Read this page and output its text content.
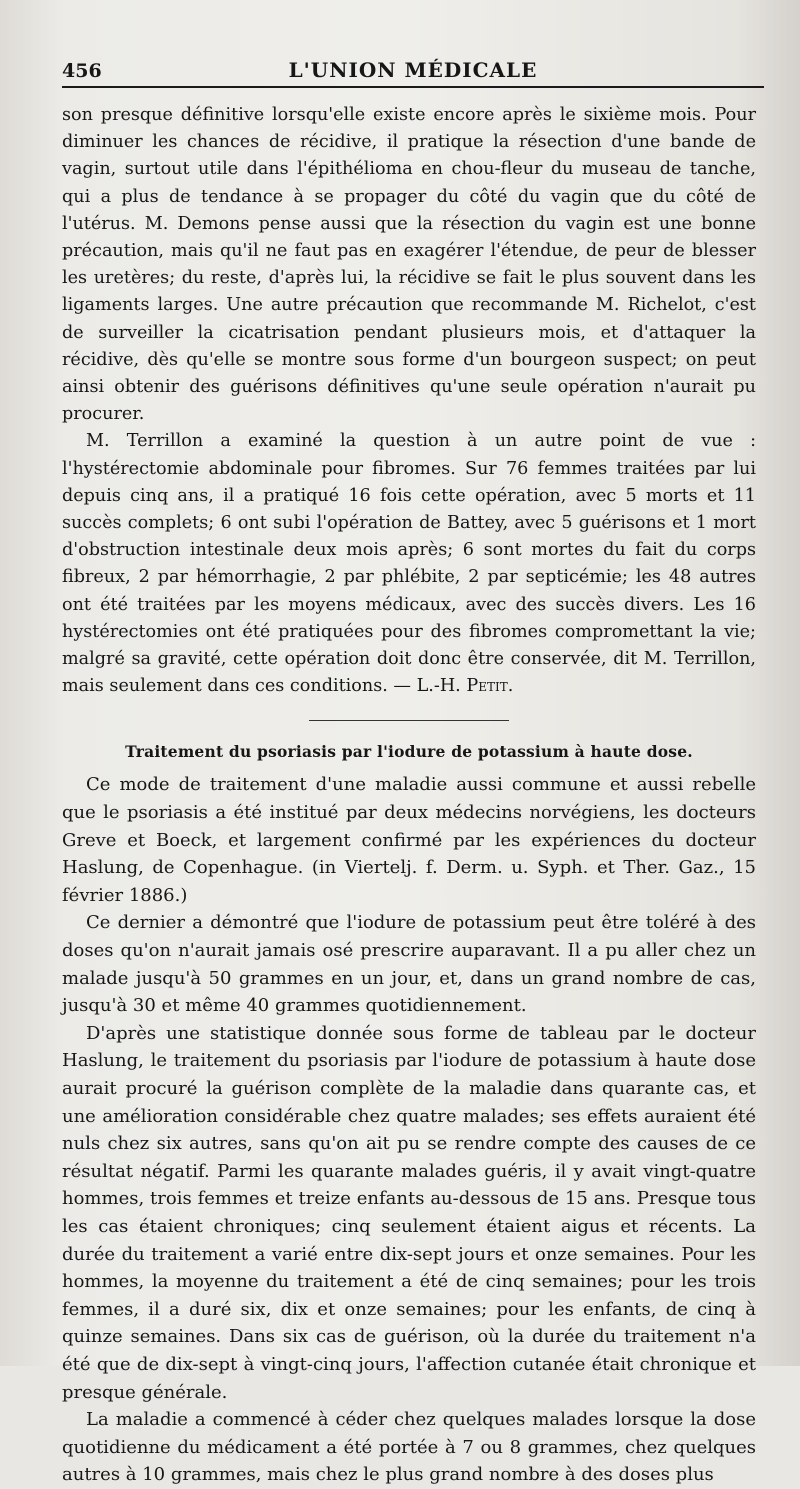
456	L'UNION MÉDICALE

son presque définitive lorsqu'elle existe encore après le sixième mois. Pour diminuer les chances de récidive, il pratique la résection d'une bande de vagin, surtout utile dans l'épithélioma en chou-fleur du museau de tanche, qui a plus de tendance à se propager du côté du vagin que du côté de l'utérus. M. Demons pense aussi que la résection du vagin est une bonne précaution, mais qu'il ne faut pas en exagérer l'étendue, de peur de blesser les uretères; du reste, d'après lui, la récidive se fait le plus souvent dans les ligaments larges. Une autre précaution que recommande M. Richelot, c'est de surveiller la cicatrisation pendant plusieurs mois, et d'attaquer la récidive, dès qu'elle se montre sous forme d'un bourgeon suspect; on peut ainsi obtenir des guérisons définitives qu'une seule opération n'aurait pu procurer.

M. Terrillon a examiné la question à un autre point de vue : l'hystérectomie abdominale pour fibromes. Sur 76 femmes traitées par lui depuis cinq ans, il a pratiqué 16 fois cette opération, avec 5 morts et 11 succès complets; 6 ont subi l'opération de Battey, avec 5 guérisons et 1 mort d'obstruction intestinale deux mois après; 6 sont mortes du fait du corps fibreux, 2 par hémorrhagie, 2 par phlébite, 2 par septicémie; les 48 autres ont été traitées par les moyens médicaux, avec des succès divers. Les 16 hystérectomies ont été pratiquées pour des fibromes compromettant la vie; malgré sa gravité, cette opération doit donc être conservée, dit M. Terrillon, mais seulement dans ces conditions. — L.-H. Petit.

Traitement du psoriasis par l'iodure de potassium à haute dose.

Ce mode de traitement d'une maladie aussi commune et aussi rebelle que le psoriasis a été institué par deux médecins norvégiens, les docteurs Greve et Boeck, et largement confirmé par les expériences du docteur Haslung, de Copenhague. (in Viertelj. f. Derm. u. Syph. et Ther. Gaz., 15 février 1886.)

Ce dernier a démontré que l'iodure de potassium peut être toléré à des doses qu'on n'aurait jamais osé prescrire auparavant. Il a pu aller chez un malade jusqu'à 50 grammes en un jour, et, dans un grand nombre de cas, jusqu'à 30 et même 40 grammes quotidiennement.

D'après une statistique donnée sous forme de tableau par le docteur Haslung, le traitement du psoriasis par l'iodure de potassium à haute dose aurait procuré la guérison complète de la maladie dans quarante cas, et une amélioration considérable chez quatre malades; ses effets auraient été nuls chez six autres, sans qu'on ait pu se rendre compte des causes de ce résultat négatif. Parmi les quarante malades guéris, il y avait vingt-quatre hommes, trois femmes et treize enfants au-dessous de 15 ans. Presque tous les cas étaient chroniques; cinq seulement étaient aigus et récents. La durée du traitement a varié entre dix-sept jours et onze semaines. Pour les hommes, la moyenne du traitement a été de cinq semaines; pour les trois femmes, il a duré six, dix et onze semaines; pour les enfants, de cinq à quinze semaines. Dans six cas de guérison, où la durée du traitement n'a été que de dix-sept à vingt-cinq jours, l'affection cutanée était chronique et presque générale.

La maladie a commencé à céder chez quelques malades lorsque la dose quotidienne du médicament a été portée à 7 ou 8 grammes, chez quelques autres à 10 grammes, mais chez le plus grand nombre à des doses plus
